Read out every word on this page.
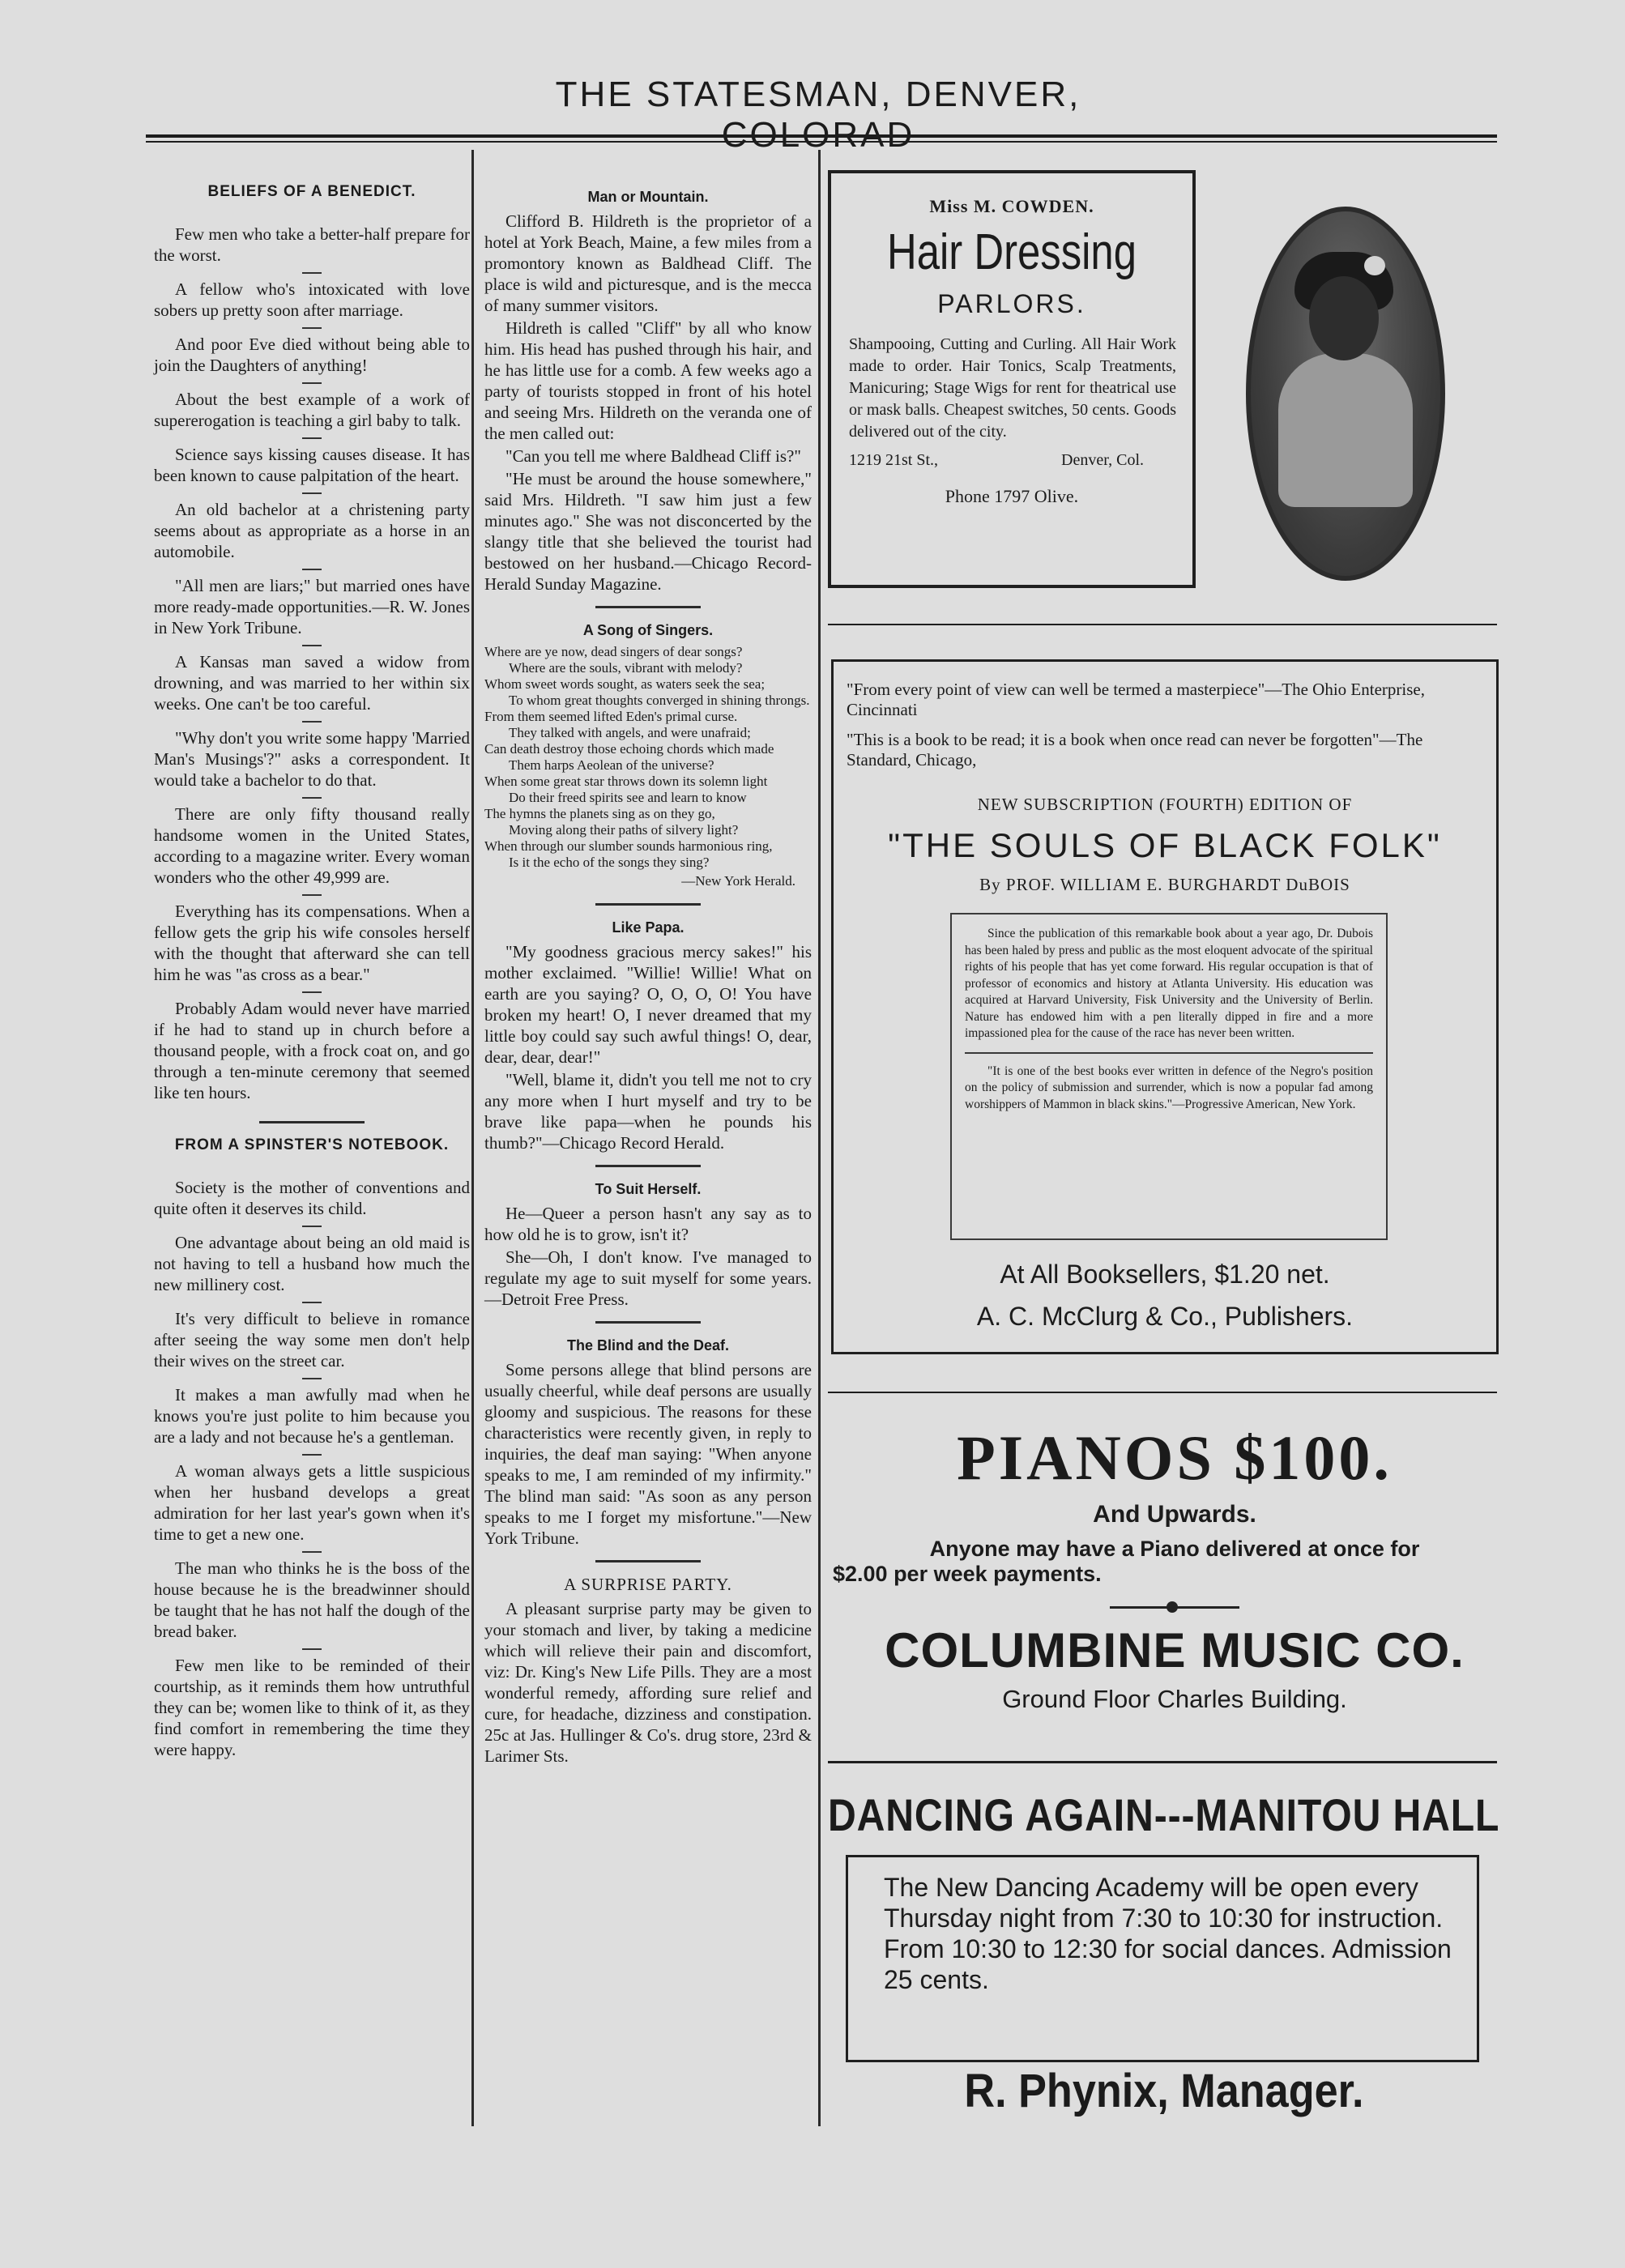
THE STATESMAN, DENVER, COLORAD
BELIEFS OF A BENEDICT.

Few men who take a better-half prepare for the worst.

A fellow who's intoxicated with love sobers up pretty soon after marriage.

And poor Eve died without being able to join the Daughters of anything!

About the best example of a work of supererogation is teaching a girl baby to talk.

Science says kissing causes disease. It has been known to cause palpitation of the heart.

An old bachelor at a christening party seems about as appropriate as a horse in an automobile.

"All men are liars;" but married ones have more ready-made opportunities.—R. W. Jones in New York Tribune.

A Kansas man saved a widow from drowning, and was married to her within six weeks. One can't be too careful.

"Why don't you write some happy 'Married Man's Musings'?" asks a correspondent. It would take a bachelor to do that.

There are only fifty thousand really handsome women in the United States, according to a magazine writer. Every woman wonders who the other 49,999 are.

Everything has its compensations. When a fellow gets the grip his wife consoles herself with the thought that afterward she can tell him he was "as cross as a bear."

Probably Adam would never have married if he had to stand up in church before a thousand people, with a frock coat on, and go through a ten-minute ceremony that seemed like ten hours.

FROM A SPINSTER'S NOTEBOOK.

Society is the mother of conventions and quite often it deserves its child.

One advantage about being an old maid is not having to tell a husband how much the new millinery cost.

It's very difficult to believe in romance after seeing the way some men don't help their wives on the street car.

It makes a man awfully mad when he knows you're just polite to him because you are a lady and not because he's a gentleman.

A woman always gets a little suspicious when her husband develops a great admiration for her last year's gown when it's time to get a new one.

The man who thinks he is the boss of the house because he is the breadwinner should be taught that he has not half the dough of the bread baker.

Few men like to be reminded of their courtship, as it reminds them how untruthful they can be; women like to think of it, as they find comfort in remembering the time they were happy.

Man or Mountain.

Clifford B. Hildreth is the proprietor of a hotel at York Beach, Maine, a few miles from a promontory known as Baldhead Cliff. The place is wild and picturesque, and is the mecca of many summer visitors.

Hildreth is called "Cliff" by all who know him. His head has pushed through his hair, and he has little use for a comb. A few weeks ago a party of tourists stopped in front of his hotel and seeing Mrs. Hildreth on the veranda one of the men called out:

"Can you tell me where Baldhead Cliff is?"

"He must be around the house somewhere," said Mrs. Hildreth. "I saw him just a few minutes ago." She was not disconcerted by the slangy title that she believed the tourist had bestowed on her husband.—Chicago Record-Herald Sunday Magazine.

A Song of Singers.
Where are ye now, dead singers of dear songs?
Where are the souls, vibrant with melody?
Whom sweet words sought, as waters seek the sea;
To whom great thoughts converged in shining throngs.
From them seemed lifted Eden's primal curse.
They talked with angels, and were unafraid;
Can death destroy those echoing chords which made
Them harps Aeolean of the universe?
When some great star throws down its solemn light
Do their freed spirits see and learn to know
The hymns the planets sing as on they go,
Moving along their paths of silvery light?
When through our slumber sounds harmonious ring,
Is it the echo of the songs they sing?
—New York Herald.
Like Papa.

"My goodness gracious mercy sakes!" his mother exclaimed. "Willie! Willie! What on earth are you saying? O, O, O, O! You have broken my heart! O, I never dreamed that my little boy could say such awful things! O, dear, dear, dear, dear!"

"Well, blame it, didn't you tell me not to cry any more when I hurt myself and try to be brave like papa—when he pounds his thumb?"—Chicago Record Herald.

To Suit Herself.

He—Queer a person hasn't any say as to how old he is to grow, isn't it?

She—Oh, I don't know. I've managed to regulate my age to suit myself for some years.—Detroit Free Press.

The Blind and the Deaf.

Some persons allege that blind persons are usually cheerful, while deaf persons are usually gloomy and suspicious. The reasons for these characteristics were recently given, in reply to inquiries, the deaf man saying: "When anyone speaks to me, I am reminded of my infirmity." The blind man said: "As soon as any person speaks to me I forget my misfortune."—New York Tribune.

A SURPRISE PARTY.

A pleasant surprise party may be given to your stomach and liver, by taking a medicine which will relieve their pain and discomfort, viz: Dr. King's New Life Pills. They are a most wonderful remedy, affording sure relief and cure, for headache, dizziness and constipation. 25c at Jas. Hullinger & Co's. drug store, 23rd & Larimer Sts.

Miss M. COWDEN.
Hair Dressing
PARLORS.
Shampooing, Cutting and Curling. All Hair Work made to order. Hair Tonics, Scalp Treatments, Manicuring; Stage Wigs for rent for theatrical use or mask balls. Cheapest switches, 50 cents. Goods delivered out of the city.
1219 21st St.,	Denver, Col.
Phone 1797 Olive.
"From every point of view can well be termed a masterpiece"—The Ohio Enterprise, Cincinnati
"This is a book to be read; it is a book when once read can never be forgotten"—The Standard, Chicago,
NEW SUBSCRIPTION (FOURTH) EDITION OF
"THE SOULS OF BLACK FOLK"
By PROF. WILLIAM E. BURGHARDT DuBOIS
Since the publication of this remarkable book about a year ago, Dr. Dubois has been haled by press and public as the most eloquent advocate of the spiritual rights of his people that has yet come forward. His regular occupation is that of professor of economics and history at Atlanta University. His education was acquired at Harvard University, Fisk University and the University of Berlin. Nature has endowed him with a pen literally dipped in fire and a more impassioned plea for the cause of the race has never been written.
"It is one of the best books ever written in defence of the Negro's position on the policy of submission and surrender, which is now a popular fad among worshippers of Mammon in black skins."—Progressive American, New York.
At All Booksellers, $1.20 net.
A. C. McClurg & Co., Publishers.
PIANOS $100.
And Upwards.
Anyone may have a Piano delivered at once for
$2.00 per week payments.
COLUMBINE MUSIC CO.
Ground Floor Charles Building.
DANCING AGAIN---MANITOU HALL
The New Dancing Academy will be open every Thursday night from 7:30 to 10:30 for instruction. From 10:30 to 12:30 for social dances. Admission 25 cents.
R. Phynix, Manager.
